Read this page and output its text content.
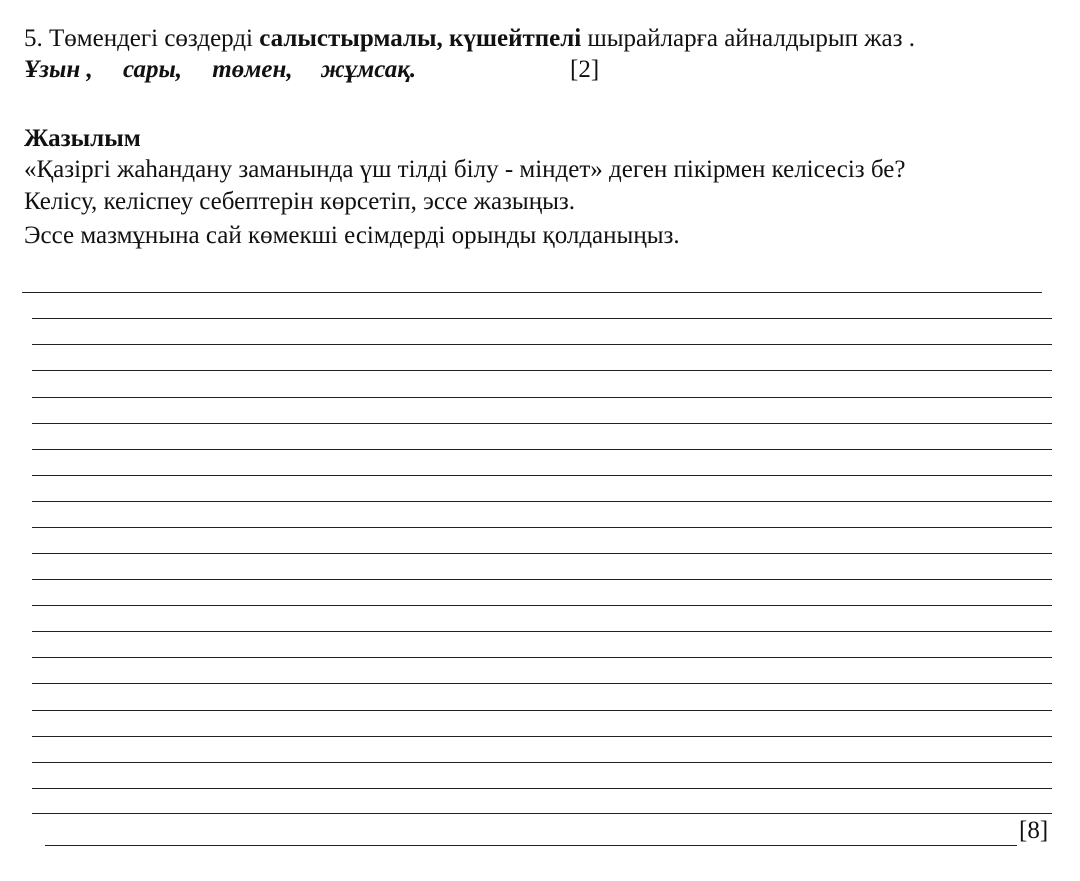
5. Төмендегі сөздерді салыстырмалы, күшейтпелі шырайларға айналдырып жаз .
Ұзын , сары, төмен, жұмсақ.	[2]
Жазылым
«Қазіргі жаһандану заманында үш тілді білу - міндет» деген пікірмен келісесіз бе?
Келісу, келіспеу себептерін көрсетіп, эссе жазыңыз.
Эссе мазмұнына сай көмекші есімдерді орынды қолданыңыз.
[8]
